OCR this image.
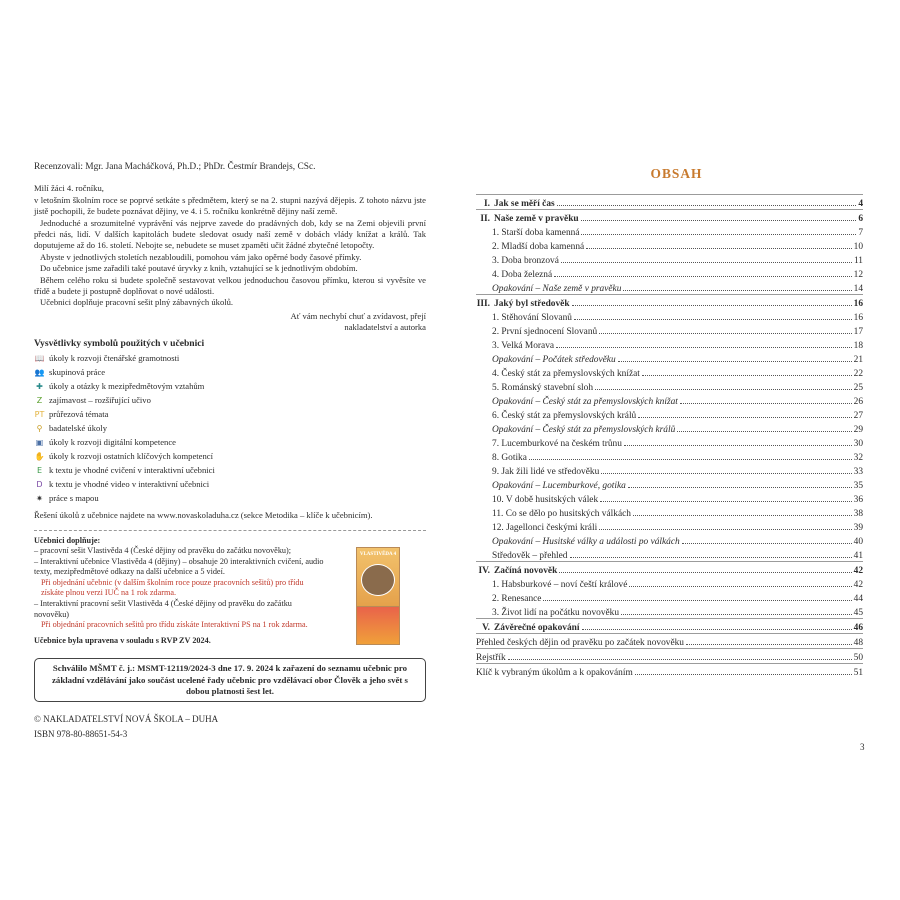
Recenzovali: Mgr. Jana Macháčková, Ph.D.; PhDr. Čestmír Brandejs, CSc.

Milí žáci 4. ročníku,

v letošním školním roce se poprvé setkáte s předmětem, který se na 2. stupni nazývá dějepis. Z tohoto názvu jste jistě pochopili, že budete poznávat dějiny, ve 4. i 5. ročníku konkrétně dějiny naší země.

Jednoduché a srozumitelné vyprávění vás nejprve zavede do pradávných dob, kdy se na Zemi objevili první předci nás, lidí. V dalších kapitolách budete sledovat osudy naší země v dobách vlády knížat a králů. Tak doputujeme až do 16. století. Nebojte se, nebudete se muset zpaměti učit žádné zbytečné letopočty.

Abyste v jednotlivých stoletích nezabloudili, pomohou vám jako opěrné body časové přímky.

Do učebnice jsme zařadili také poutavé úryvky z knih, vztahující se k jednotlivým obdobím.

Během celého roku si budete společně sestavovat velkou jednoduchou časovou přímku, kterou si vyvěsíte ve třídě a budete ji postupně doplňovat o nové události.

Učebnici doplňuje pracovní sešit plný zábavných úkolů.

Ať vám nechybí chuť a zvídavost, přejí
nakladatelství a autorka
Vysvětlivky symbolů použitých v učebnici
📖 úkoly k rozvoji čtenářské gramotnosti
👥 skupinová práce
✚ úkoly a otázky k mezipředmětovým vztahům
Z zajímavost – rozšiřující učivo
PT průřezová témata
⚲ badatelské úkoly
▣ úkoly k rozvoji digitální kompetence
✋ úkoly k rozvoji ostatních klíčových kompetencí
E k textu je vhodné cvičení v interaktivní učebnici
D k textu je vhodné video v interaktivní učebnici
✷ práce s mapou
Řešení úkolů z učebnice najdete na www.novaskoladuha.cz (sekce Metodika – klíče k učebnicím).
Učebnici doplňuje:
– pracovní sešit Vlastivěda 4 (České dějiny od pravěku do začátku novověku);
– Interaktivní učebnice Vlastivěda 4 (dějiny) – obsahuje 20 interaktivních cvičení, audio texty, mezipředmětové odkazy na další učebnice a 5 videí.
Při objednání učebnic (v dalším školním roce pouze pracovních sešitů) pro třídu získáte plnou verzi IUČ na 1 rok zdarma.
– Interaktivní pracovní sešit Vlastivěda 4 (České dějiny od pravěku do začátku novověku)
Při objednání pracovních sešitů pro třídu získáte Interaktivní PS na 1 rok zdarma.
Učebnice byla upravena v souladu s RVP ZV 2024.
VLASTIVĚDA 4
Schválilo MŠMT č. j.: MSMT-12119/2024-3 dne 17. 9. 2024 k zařazení do seznamu učebnic pro základní vzdělávání jako součást ucelené řady učebnic pro vzdělávací obor Člověk a jeho svět s dobou platnosti šest let.
© NAKLADATELSTVÍ NOVÁ ŠKOLA – DUHA
ISBN 978-80-88651-54-3
OBSAH
I. Jak se měří čas	4
II. Naše země v pravěku	6
1. Starší doba kamenná	7
2. Mladší doba kamenná	10
3. Doba bronzová	11
4. Doba železná	12
Opakování – Naše země v pravěku	14
III. Jaký byl středověk	16
1. Stěhování Slovanů	16
2. První sjednocení Slovanů	17
3. Velká Morava	18
Opakování – Počátek středověku	21
4. Český stát za přemyslovských knížat	22
5. Románský stavební sloh	25
Opakování – Český stát za přemyslovských knížat	26
6. Český stát za přemyslovských králů	27
Opakování – Český stát za přemyslovských králů	29
7. Lucemburkové na českém trůnu	30
8. Gotika	32
9. Jak žili lidé ve středověku	33
Opakování – Lucemburkové, gotika	35
10. V době husitských válek	36
11. Co se dělo po husitských válkách	38
12. Jagellonci českými králi	39
Opakování – Husitské války a události po válkách	40
Středověk – přehled	41
IV. Začíná novověk	42
1. Habsburkové – noví čeští králové	42
2. Renesance	44
3. Život lidí na počátku novověku	45
V. Závěrečné opakování	46
Přehled českých dějin od pravěku po začátek novověku	48
Rejstřík	50
Klíč k vybraným úkolům a k opakováním	51
3
